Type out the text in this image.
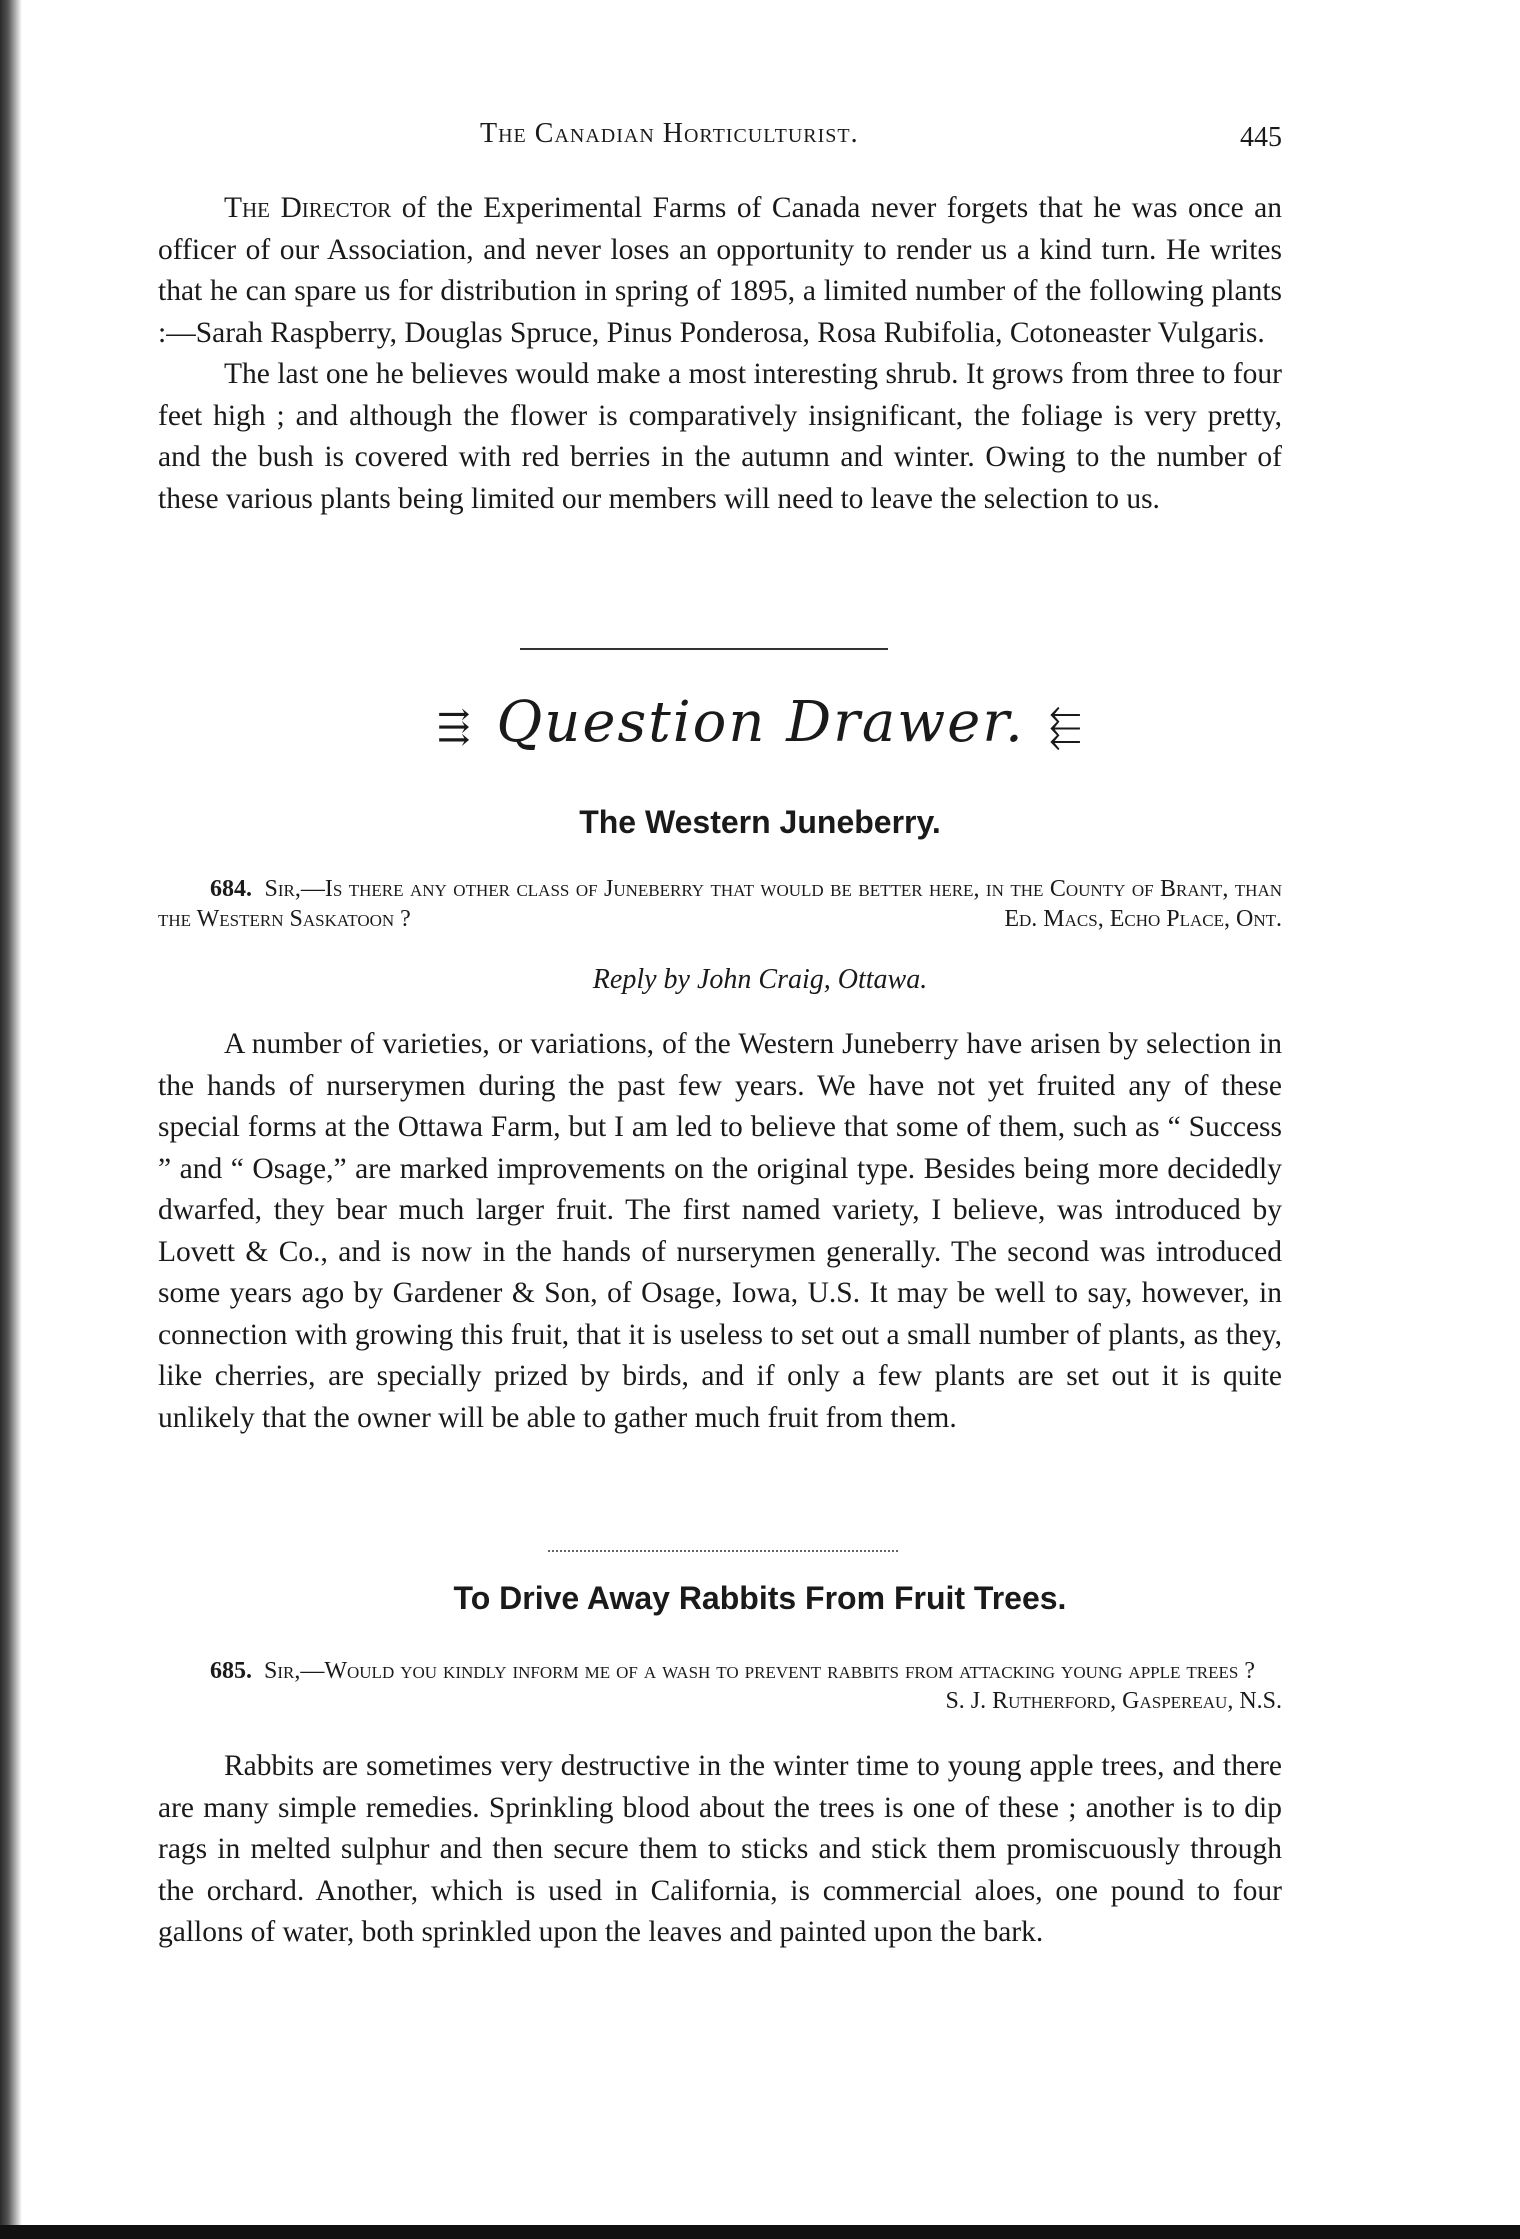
The Canadian Horticulturist.	445

The Director of the Experimental Farms of Canada never forgets that he was once an officer of our Association, and never loses an opportunity to render us a kind turn. He writes that he can spare us for distribution in spring of 1895, a limited number of the following plants :—Sarah Raspberry, Douglas Spruce, Pinus Ponderosa, Rosa Rubifolia, Cotoneaster Vulgaris.

The last one he believes would make a most interesting shrub. It grows from three to four feet high ; and although the flower is comparatively insignificant, the foliage is very pretty, and the bush is covered with red berries in the autumn and winter. Owing to the number of these various plants being limited our members will need to leave the selection to us.

⇶ Question Drawer. ⬱
The Western Juneberry.
684. Sir,—Is there any other class of Juneberry that would be better here, in the County of Brant, than the Western Saskatoon ?	Ed. Macs, Echo Place, Ont.
Reply by John Craig, Ottawa.

A number of varieties, or variations, of the Western Juneberry have arisen by selection in the hands of nurserymen during the past few years. We have not yet fruited any of these special forms at the Ottawa Farm, but I am led to believe that some of them, such as “ Success ” and “ Osage,” are marked improvements on the original type. Besides being more decidedly dwarfed, they bear much larger fruit. The first named variety, I believe, was introduced by Lovett & Co., and is now in the hands of nurserymen generally. The second was introduced some years ago by Gardener & Son, of Osage, Iowa, U.S. It may be well to say, however, in connection with growing this fruit, that it is useless to set out a small number of plants, as they, like cherries, are specially prized by birds, and if only a few plants are set out it is quite unlikely that the owner will be able to gather much fruit from them.

To Drive Away Rabbits From Fruit Trees.
685. Sir,—Would you kindly inform me of a wash to prevent rabbits from attacking young apple trees ?
S. J. Rutherford, Gaspereau, N.S.

Rabbits are sometimes very destructive in the winter time to young apple trees, and there are many simple remedies. Sprinkling blood about the trees is one of these ; another is to dip rags in melted sulphur and then secure them to sticks and stick them promiscuously through the orchard. Another, which is used in California, is commercial aloes, one pound to four gallons of water, both sprinkled upon the leaves and painted upon the bark.
